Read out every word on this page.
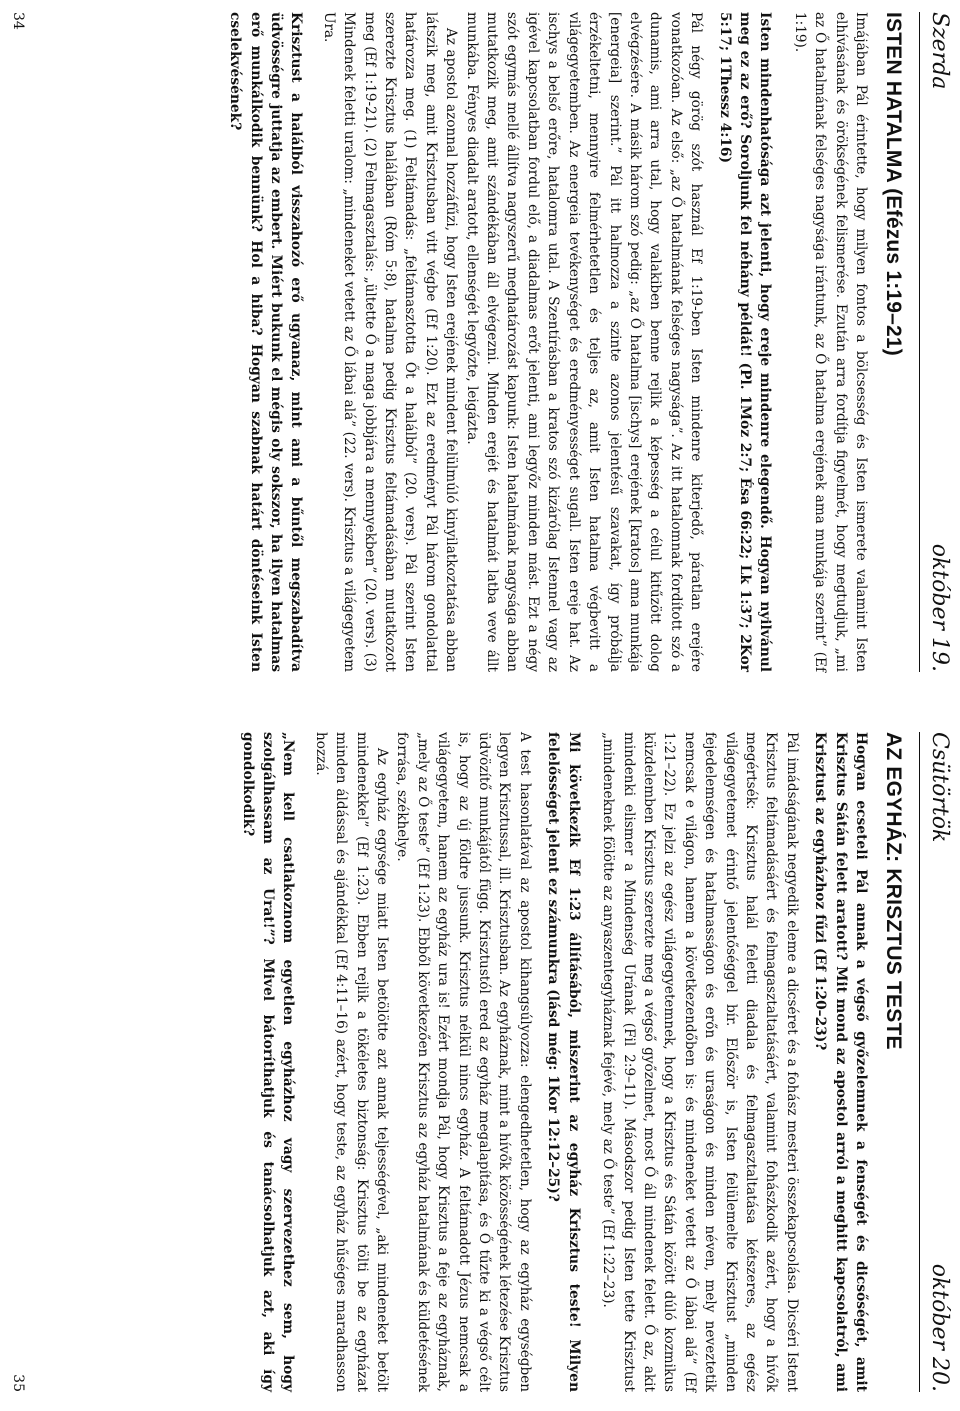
Szerda
október 19.
ISTEN HATALMA (Efézus 1:19–21)

Imájában Pál érintette, hogy milyen fontos a bölcsesség és Isten ismerete valamint Isten elhívásának és örökségének felismerése. Ezután arra fordítja figyelmét, hogy megtudjuk, „mi az Ő hatalmának felséges nagysága irántunk, az Ő hatalma erejének ama munkája szerint” (Ef 1:19).

Isten mindenhatósága azt jelenti, hogy ereje mindenre elegendő. Hogyan nyilvánul meg ez az erő? Soroljunk fel néhány példát! (Pl. 1Móz 2:7; Ésa 66:22; Lk 1:37; 2Kor 5:17; 1Thessz 4:16)

Pál négy görög szót használ Ef 1:19-ben Isten mindenre kiterjedő, páratlan erejére vonatkozóan. Az első: „az Ő hatalmának felséges nagysága”. Az itt hatalomnak fordított szó a dunamis, ami arra utal, hogy valakiben benne rejlik a képesség a célul kitűzött dolog elvégzésére. A másik három szó pedig: „az Ő hatalma [ischys] erejének [kratos] ama munkája [energeia] szerint.” Pál itt halmozza a szinte azonos jelentésű szavakat, így próbálja érzékeltetni, mennyire felmérhetetlen és teljes az, amit Isten hatalma végbevitt a világegyetemben. Az energeia tevékenységet és eredményességet sugall. Isten ereje hat. Az ischys a belső erőre, hatalomra utal. A Szentírásban a kratos szó kizárólag Istennel vagy az igével kapcsolatban fordul elő, a diadalmas erőt jelenti, ami legyőz minden mást. Ezt a négy szót egymás mellé állítva nagyszerű meghatározást kapunk: Isten hatalmának nagysága abban mutatkozik meg, amit szándékában áll elvégezni. Minden erejét és hatalmát latba veve állt munkába. Fényes diadalt aratott, ellenségét legyőzte, leigázta.

Az apostol azonnal hozzáfűzi, hogy Isten erejének mindent felülmúló kinyilatkoztatása abban látszik meg, amit Krisztusban vitt végbe (Ef 1:20). Ezt az eredményt Pál három gondolattal határozza meg. (1) Feltámadás: „feltámasztotta Őt a halálból” (20. vers). Pál szerint Isten szerezte Krisztus halálában (Róm 5:8), hatalma pedig Krisztus feltámadásában mutatkozott meg (Ef 1:19-21). (2) Felmagasztalás: „ültette Ő a maga jobbjára a mennyekben” (20. vers). (3) Mindenek feletti uralom: „mindeneket vetett az Ő lábai alá” (22. vers). Krisztus a világegyetem Ura.

Krisztust a halálból visszahozó erő ugyanaz, mint ami a bűntől megszabadítva üdvösségre juttatja az embert. Miért bukunk el mégis oly sokszor, ha ilyen hatalmas erő munkálkodik bennünk? Hol a hiba? Hogyan szabnak határt döntéseink Isten cselekvésének?
34
Csütörtök
október 20.
AZ EGYHÁZ: KRISZTUS TESTE
Hogyan ecseteli Pál annak a végső győzelemnek a fenségét és dicsőségét, amit Krisztus Sátán felett aratott? Mit mond az apostol arról a meghitt kapcsolatról, ami Krisztust az egyházhoz fűzi (Ef 1:20–23)?

Pál imádságának negyedik eleme a dicséret és a fohász mesteri összekapcsolása. Dicséri Istent Krisztus feltámadásáért és felmagasztaltatásáért, valamint fohászkodik azért, hogy a hívők megértsék: Krisztus halál feletti diadala és felmagasztaltatása kétszeres, az egész világegyetemet érintő jelentőséggel bír. Először is, Isten felülemelte Krisztust „minden fejedelemségen és hatalmasságon és erőn és uraságon és minden néven, mely neveztetik nemcsak e világon, hanem a következendőben is: és mindeneket vetett az Ő lábai alá” (Ef 1:21–22). Ez jelzi az egész világegyetemnek, hogy a Krisztus és Sátán között dúló kozmikus küzdelemben Krisztus szerezte meg a végső győzelmet, most Ő áll mindenek felett. Ő az, akit mindenki elismer a Mindenség Urának (Fil 2:9–11). Másodszor pedig Isten tette Krisztust „mindeneknek fölötte az anyaszentegyháznak fejévé, mely az Ő teste” (Ef 1:22–23).

Mi következik Ef 1:23 állításából, miszerint az egyház Krisztus teste! Milyen felelősséget jelent ez számunkra (lásd még: 1Kor 12:12–25)?

A test hasonlatával az apostol kihangsúlyozza: elengedhetetlen, hogy az egyház egységben legyen Krisztussal, ill. Krisztusban. Az egyháznak, mint a hívők közösségének létezése Krisztus üdvözítő munkájától függ. Krisztustól ered az egyház megalapítása, és Ő tűzte ki a végső célt is, hogy az új földre jussunk. Krisztus nélkül nincs egyház. A feltámadott Jézus nemcsak a világegyetem, hanem az egyház ura is! Ezért mondja Pál, hogy Krisztus a feje az egyháznak, „mely az Ő teste” (Ef 1:23). Ebből következően Krisztus az egyház hatalmának és küldetésének forrása, székhelye.

Az egyház egysége miatt Isten betölötte azt annak teljességével, „aki mindeneket betölt mindenekkel” (Ef 1:23). Ebben rejlik a tökéletes biztonság: Krisztus tölti be az egyházat minden áldással és ajándékkal (Ef 4:11–16) azért, hogy teste, az egyház hűséges maradhasson hozzá.

„Nem kell csatlakoznom egyetlen egyházhoz vagy szervezethez sem, hogy szolgálhassam az Urat!”? Mivel bátoríthatjuk és tanácsolhatjuk azt, aki így gondolkodik?
35
